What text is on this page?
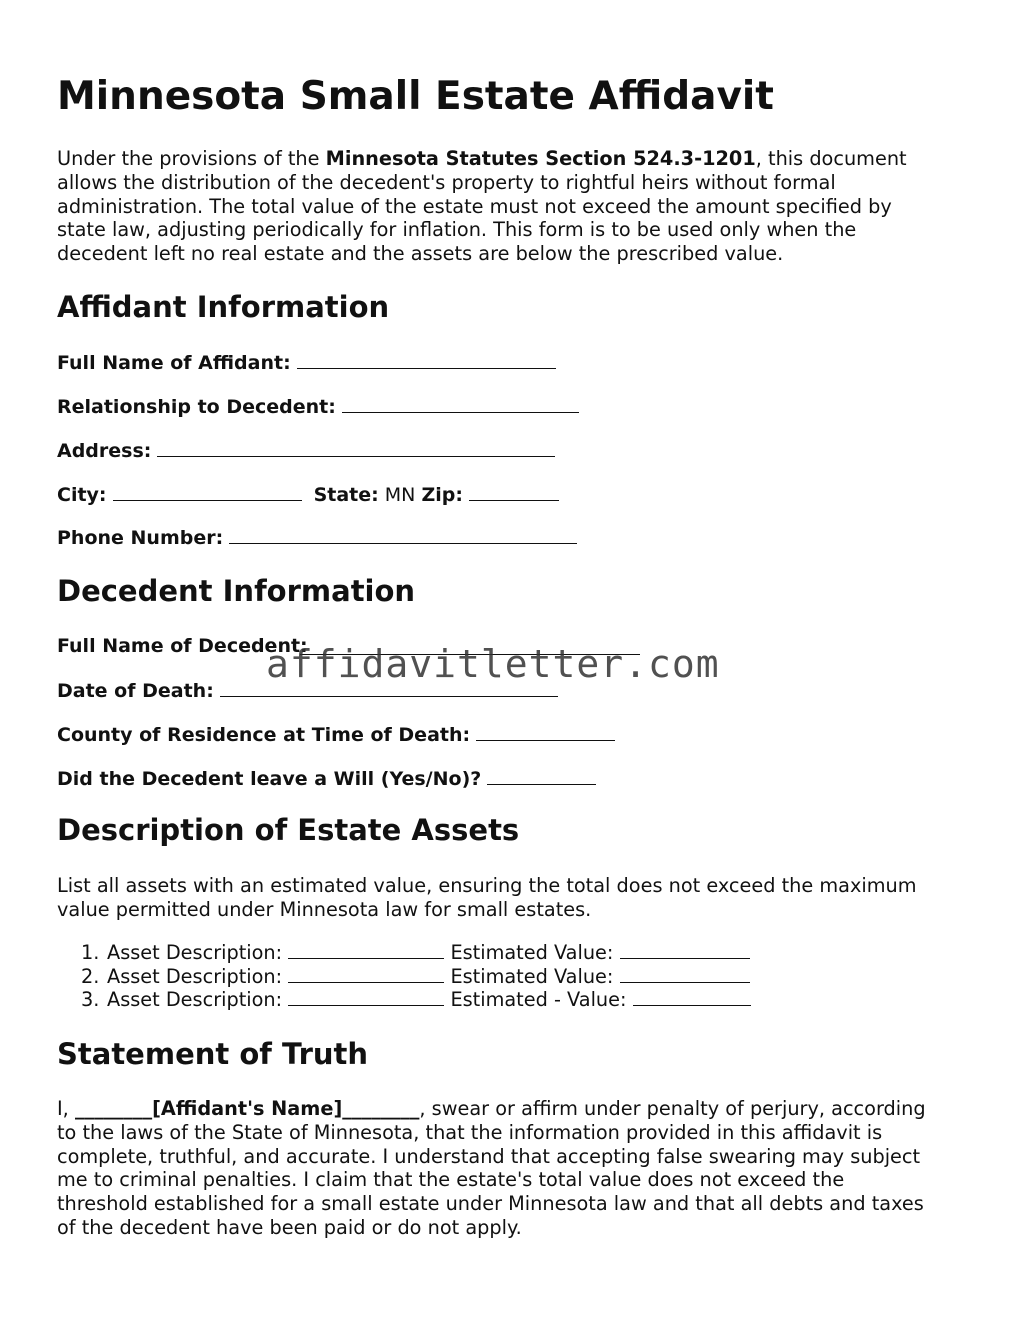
Minnesota Small Estate Affidavit
Under the provisions of the Minnesota Statutes Section 524.3-1201, this document
allows the distribution of the decedent's property to rightful heirs without formal
administration. The total value of the estate must not exceed the amount specified by
state law, adjusting periodically for inflation. This form is to be used only when the
decedent left no real estate and the assets are below the prescribed value.
Affidant Information
Full Name of Affidant:
Relationship to Decedent:
Address:
City:	State: MN Zip:
Phone Number:
Decedent Information
Full Name of Decedent:
Date of Death:
County of Residence at Time of Death:
Did the Decedent leave a Will (Yes/No)?
Description of Estate Assets
List all assets with an estimated value, ensuring the total does not exceed the maximum
value permitted under Minnesota law for small estates.
1. Asset Description:	Estimated Value:
2. Asset Description:	Estimated Value:
3. Asset Description:	Estimated - Value:
Statement of Truth
I, ________[Affidant's Name]________, swear or affirm under penalty of perjury, according
to the laws of the State of Minnesota, that the information provided in this affidavit is
complete, truthful, and accurate. I understand that accepting false swearing may subject
me to criminal penalties. I claim that the estate's total value does not exceed the
threshold established for a small estate under Minnesota law and that all debts and taxes
of the decedent have been paid or do not apply.
affidavitletter.com
